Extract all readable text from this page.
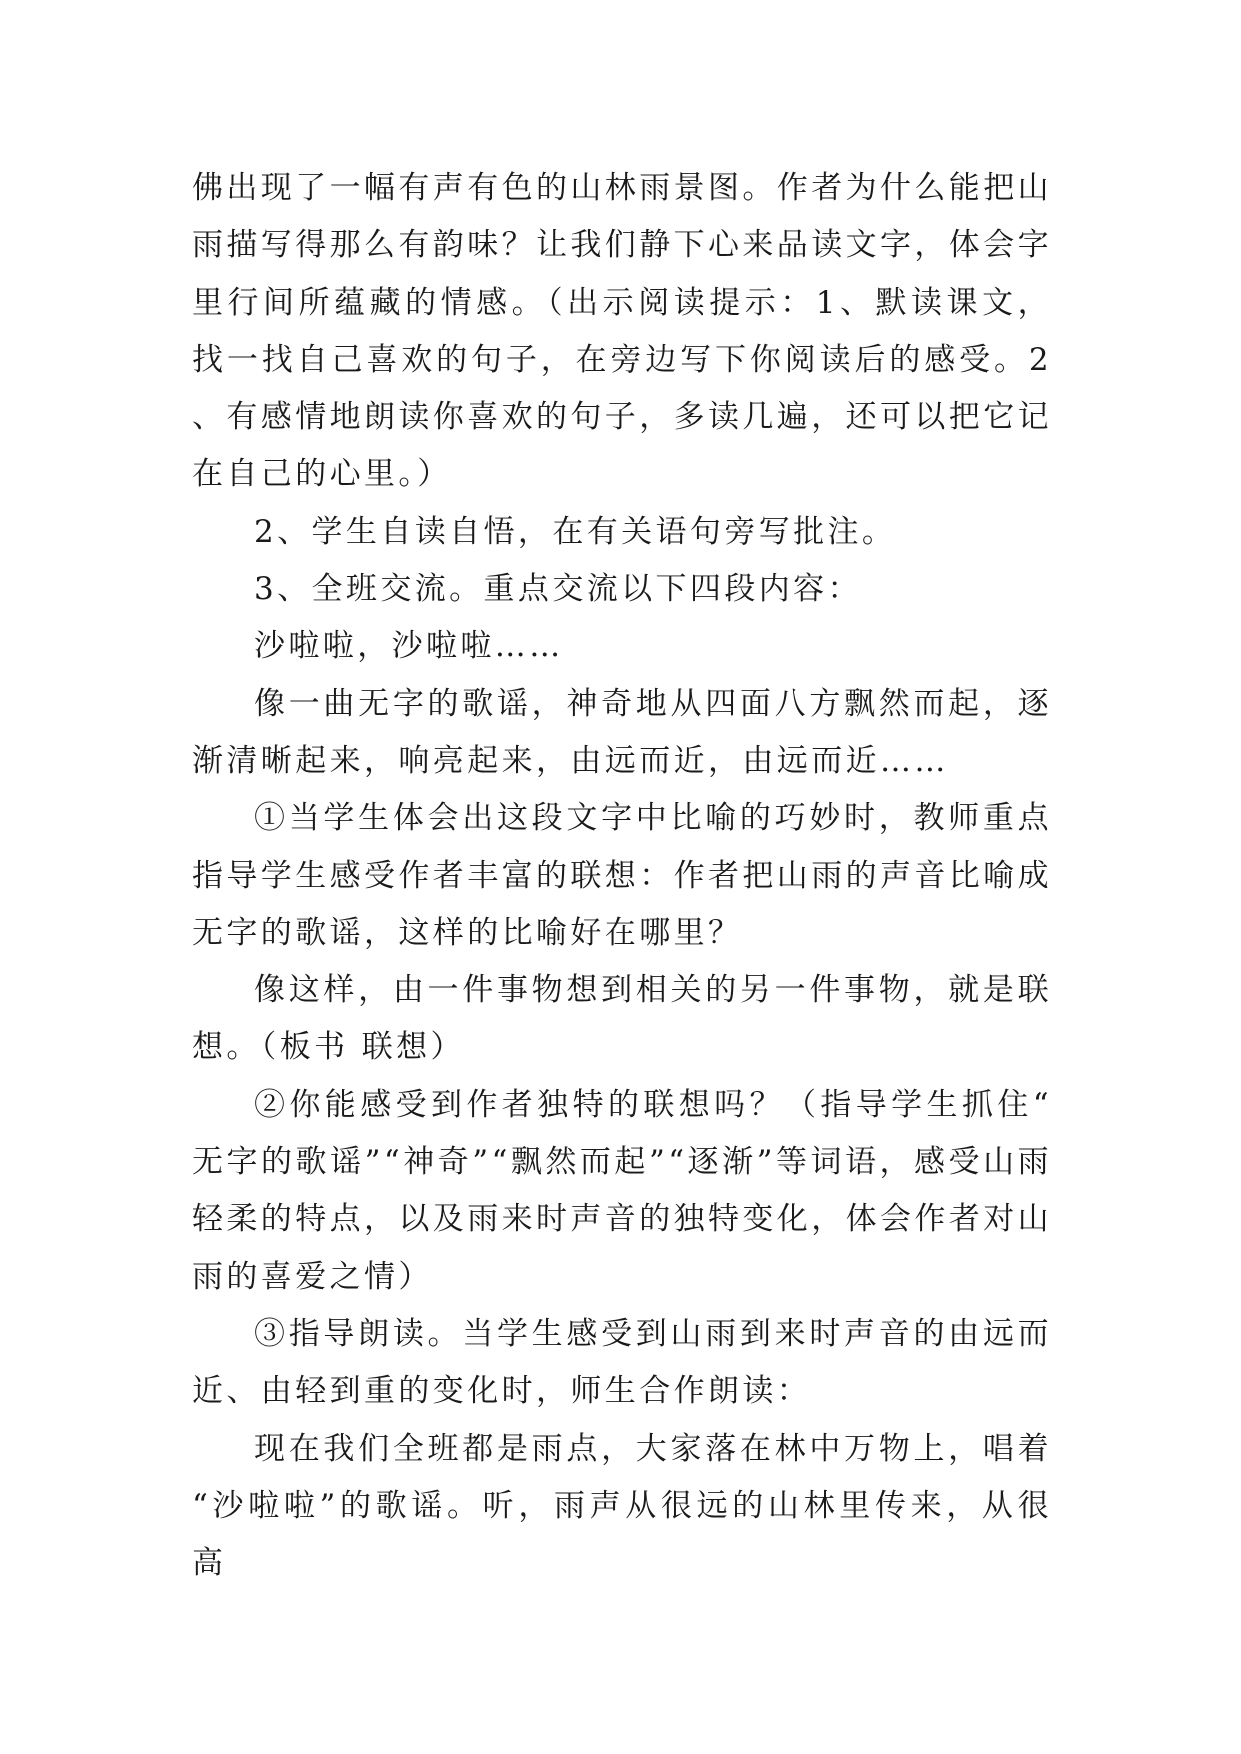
佛出现了一幅有声有色的山林雨景图。作者为什么能把山雨描写得那么有韵味？让我们静下心来品读文字，体会字里行间所蕴藏的情感。（出示阅读提示：1、默读课文，找一找自己喜欢的句子，在旁边写下你阅读后的感受。2、有感情地朗读你喜欢的句子，多读几遍，还可以把它记在自己的心里。）

2、学生自读自悟，在有关语句旁写批注。

3、全班交流。重点交流以下四段内容：

沙啦啦，沙啦啦……

像一曲无字的歌谣，神奇地从四面八方飘然而起，逐渐清晰起来，响亮起来，由远而近，由远而近……

①当学生体会出这段文字中比喻的巧妙时，教师重点指导学生感受作者丰富的联想：作者把山雨的声音比喻成无字的歌谣，这样的比喻好在哪里？

像这样，由一件事物想到相关的另一件事物，就是联想。（板书 联想）

②你能感受到作者独特的联想吗？（指导学生抓住“无字的歌谣”“神奇”“飘然而起”“逐渐”等词语，感受山雨轻柔的特点，以及雨来时声音的独特变化，体会作者对山雨的喜爱之情）

③指导朗读。当学生感受到山雨到来时声音的由远而近、由轻到重的变化时，师生合作朗读：

现在我们全班都是雨点，大家落在林中万物上，唱着“沙啦啦”的歌谣。听，雨声从很远的山林里传来，从很高
